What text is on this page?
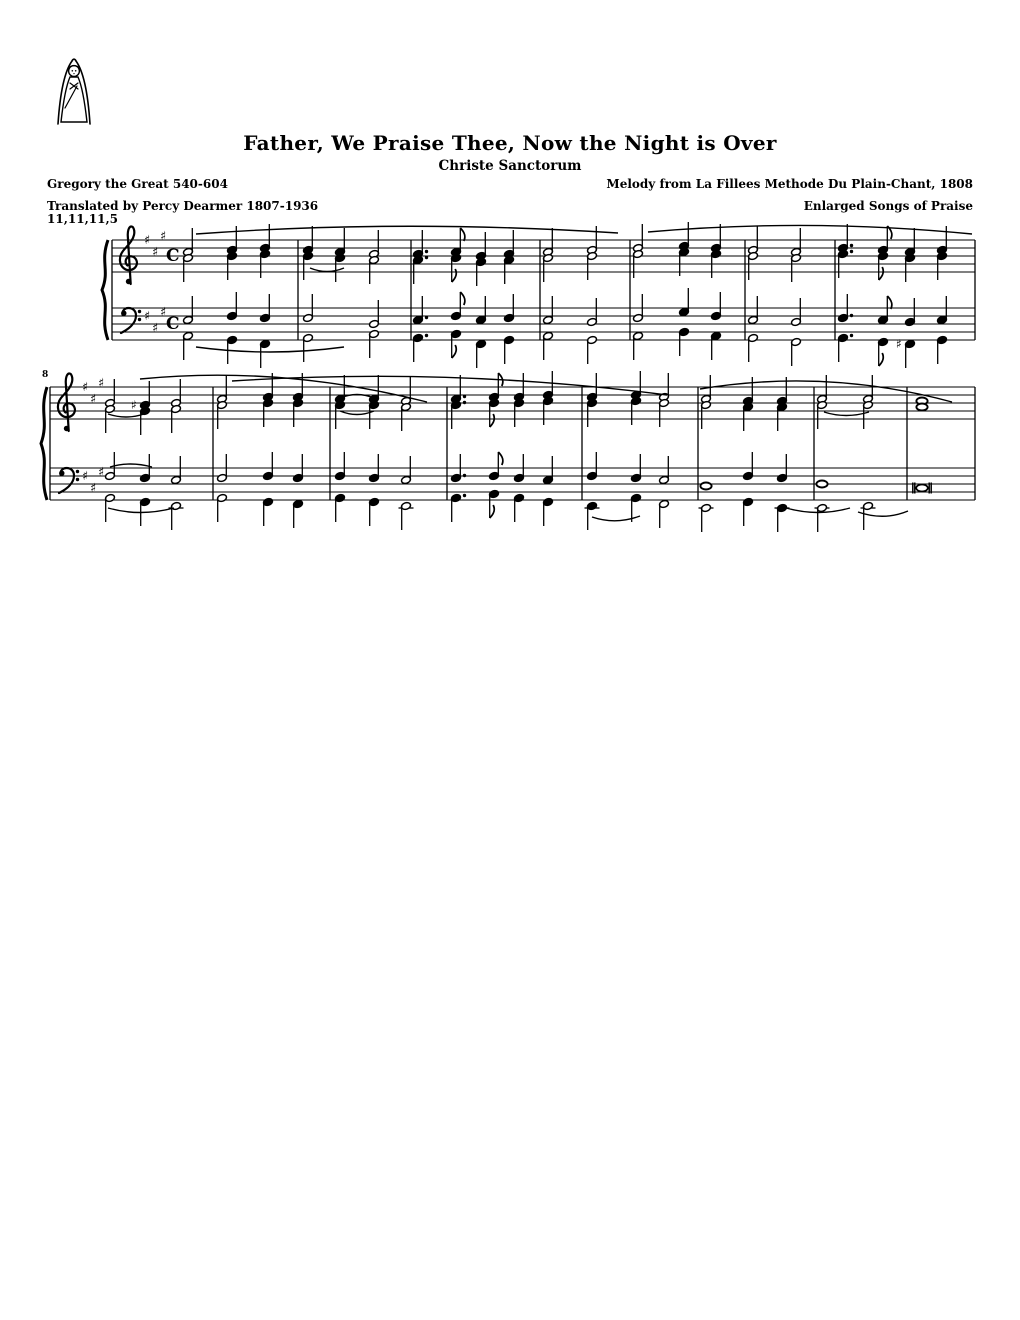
Father, We Praise Thee, Now the Night is Over
Christe Sanctorum
Gregory the Great 540-604
Translated by Percy Dearmer 1807-1936
11,11,11,5
Melody from La Fillees Methode Du Plain-Chant, 1808
Enlarged Songs of Praise
♯
♯
♯
♯
♯
♯
C
C
♯
♯
♯
♯
♯
♯
♯
8
♯
